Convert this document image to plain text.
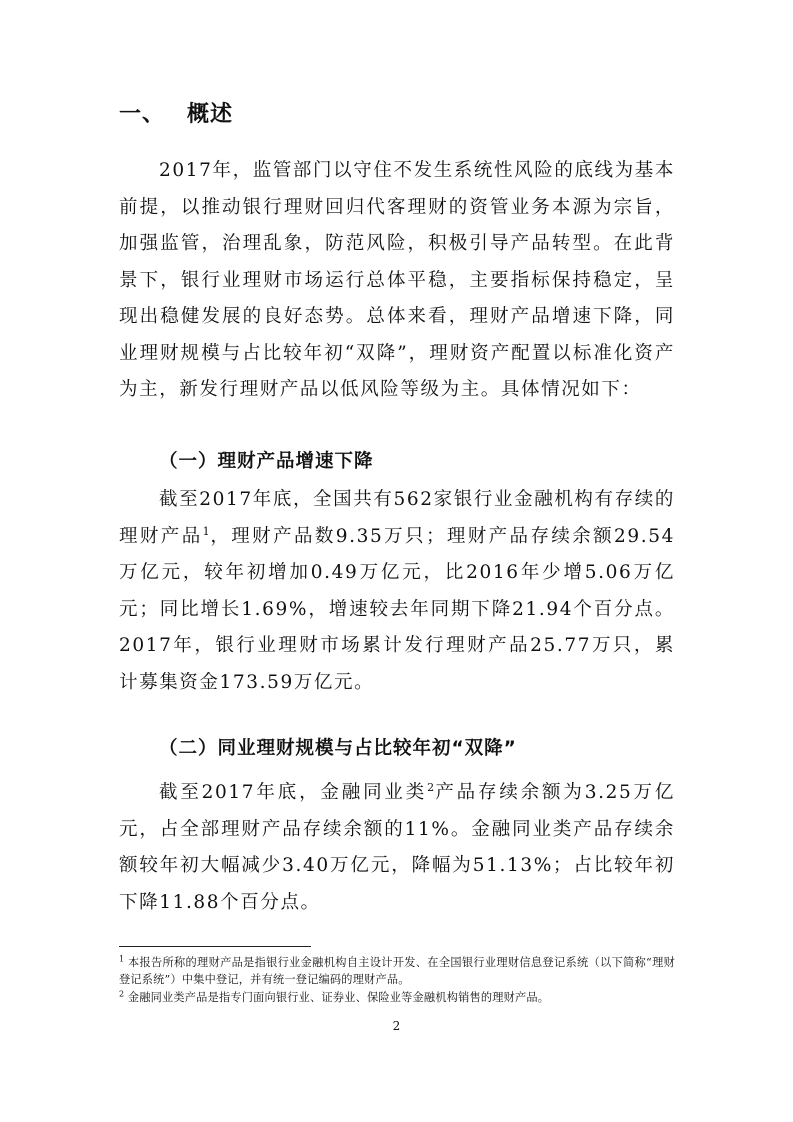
一、 概述

2017年，监管部门以守住不发生系统性风险的底线为基本前提，以推动银行理财回归代客理财的资管业务本源为宗旨，加强监管，治理乱象，防范风险，积极引导产品转型。在此背景下，银行业理财市场运行总体平稳，主要指标保持稳定，呈现出稳健发展的良好态势。总体来看，理财产品增速下降，同业理财规模与占比较年初“双降”，理财资产配置以标准化资产为主，新发行理财产品以低风险等级为主。具体情况如下：

（一）理财产品增速下降

截至2017年底，全国共有562家银行业金融机构有存续的理财产品$^1$，理财产品数9.35万只；理财产品存续余额29.54万亿元，较年初增加0.49万亿元，比2016年少增5.06万亿元；同比增长1.69%，增速较去年同期下降21.94个百分点。2017年，银行业理财市场累计发行理财产品25.77万只，累计募集资金173.59万亿元。

（二）同业理财规模与占比较年初“双降”

截至2017年底，金融同业类$^2$产品存续余额为3.25万亿元，占全部理财产品存续余额的11%。金融同业类产品存续余额较年初大幅减少3.40万亿元，降幅为51.13%；占比较年初下降11.88个百分点。

$^1$ 本报告所称的理财产品是指银行业金融机构自主设计开发、在全国银行业理财信息登记系统（以下简称“理财登记系统”）中集中登记，并有统一登记编码的理财产品。

$^2$ 金融同业类产品是指专门面向银行业、证券业、保险业等金融机构销售的理财产品。

2
